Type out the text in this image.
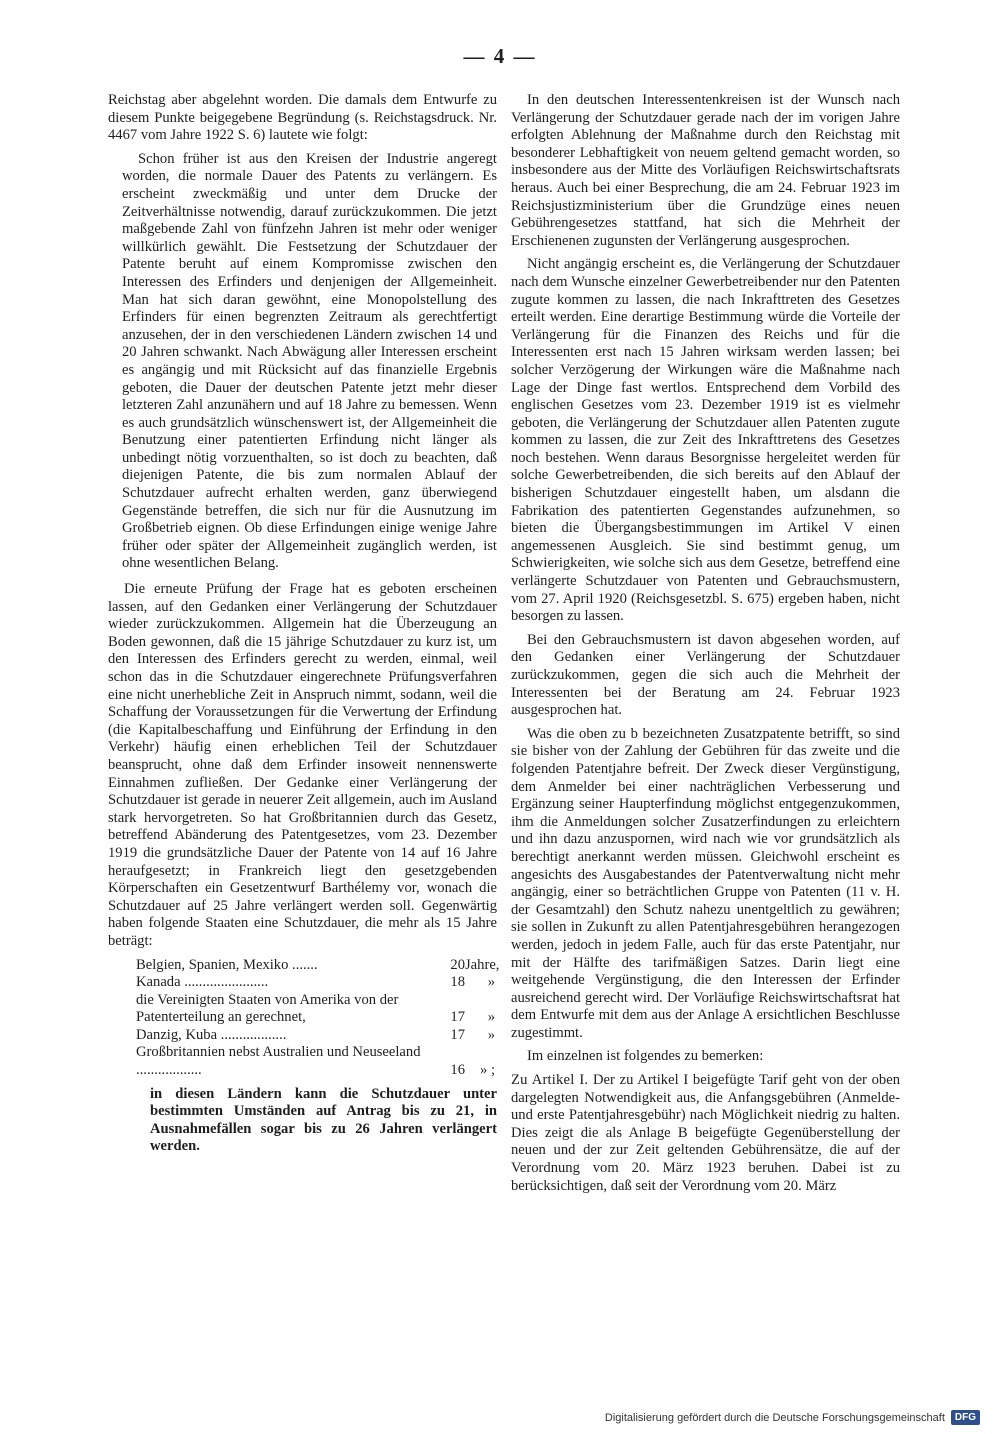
— 4 —

Reichstag aber abgelehnt worden. Die damals dem Entwurfe zu diesem Punkte beigegebene Begründung (s. Reichstagsdruck. Nr. 4467 vom Jahre 1922 S. 6) lautete wie folgt:

Schon früher ist aus den Kreisen der Industrie angeregt worden, die normale Dauer des Patents zu verlängern. Es erscheint zweckmäßig und unter dem Drucke der Zeitverhältnisse notwendig, darauf zurückzukommen. Die jetzt maßgebende Zahl von fünfzehn Jahren ist mehr oder weniger willkürlich gewählt. Die Festsetzung der Schutzdauer der Patente beruht auf einem Kompromisse zwischen den Interessen des Erfinders und denjenigen der Allgemeinheit. Man hat sich daran gewöhnt, eine Monopolstellung des Erfinders für einen begrenzten Zeitraum als gerechtfertigt anzusehen, der in den verschiedenen Ländern zwischen 14 und 20 Jahren schwankt. Nach Abwägung aller Interessen erscheint es angängig und mit Rücksicht auf das finanzielle Ergebnis geboten, die Dauer der deutschen Patente jetzt mehr dieser letzteren Zahl anzunähern und auf 18 Jahre zu bemessen. Wenn es auch grundsätzlich wünschenswert ist, der Allgemeinheit die Benutzung einer patentierten Erfindung nicht länger als unbedingt nötig vorzuenthalten, so ist doch zu beachten, daß diejenigen Patente, die bis zum normalen Ablauf der Schutzdauer aufrecht erhalten werden, ganz überwiegend Gegenstände betreffen, die sich nur für die Ausnutzung im Großbetrieb eignen. Ob diese Erfindungen einige wenige Jahre früher oder später der Allgemeinheit zugänglich werden, ist ohne wesentlichen Belang.

Die erneute Prüfung der Frage hat es geboten erscheinen lassen, auf den Gedanken einer Verlängerung der Schutzdauer wieder zurückzukommen. Allgemein hat die Überzeugung an Boden gewonnen, daß die 15 jährige Schutzdauer zu kurz ist, um den Interessen des Erfinders gerecht zu werden, einmal, weil schon das in die Schutzdauer eingerechnete Prüfungsverfahren eine nicht unerhebliche Zeit in Anspruch nimmt, sodann, weil die Schaffung der Voraussetzungen für die Verwertung der Erfindung (die Kapitalbeschaffung und Einführung der Erfindung in den Verkehr) häufig einen erheblichen Teil der Schutzdauer beansprucht, ohne daß dem Erfinder insoweit nennenswerte Einnahmen zufließen. Der Gedanke einer Verlängerung der Schutzdauer ist gerade in neuerer Zeit allgemein, auch im Ausland stark hervorgetreten. So hat Großbritannien durch das Gesetz, betreffend Abänderung des Patentgesetzes, vom 23. Dezember 1919 die grundsätzliche Dauer der Patente von 14 auf 16 Jahre heraufgesetzt; in Frankreich liegt den gesetzgebenden Körperschaften ein Gesetzentwurf Barthélemy vor, wonach die Schutzdauer auf 25 Jahre verlängert werden soll. Gegenwärtig haben folgende Staaten eine Schutzdauer, die mehr als 15 Jahre beträgt:

Belgien, Spanien, Mexiko .......	20 Jahre,
Kanada .......................	18	»
die Vereinigten Staaten von Amerika von der Patenterteilung an gerechnet,	17	»
Danzig, Kuba ..................	17	»
Großbritannien nebst Australien und Neuseeland ..................	16	» ;

in diesen Ländern kann die Schutzdauer unter bestimmten Umständen auf Antrag bis zu 21, in Ausnahmefällen sogar bis zu 26 Jahren verlängert werden.

In den deutschen Interessentenkreisen ist der Wunsch nach Verlängerung der Schutzdauer gerade nach der im vorigen Jahre erfolgten Ablehnung der Maßnahme durch den Reichstag mit besonderer Lebhaftigkeit von neuem geltend gemacht worden, so insbesondere aus der Mitte des Vorläufigen Reichswirtschaftsrats heraus. Auch bei einer Besprechung, die am 24. Februar 1923 im Reichsjustizministerium über die Grundzüge eines neuen Gebührengesetzes stattfand, hat sich die Mehrheit der Erschienenen zugunsten der Verlängerung ausgesprochen.

Nicht angängig erscheint es, die Verlängerung der Schutzdauer nach dem Wunsche einzelner Gewerbetreibender nur den Patenten zugute kommen zu lassen, die nach Inkrafttreten des Gesetzes erteilt werden. Eine derartige Bestimmung würde die Vorteile der Verlängerung für die Finanzen des Reichs und für die Interessenten erst nach 15 Jahren wirksam werden lassen; bei solcher Verzögerung der Wirkungen wäre die Maßnahme nach Lage der Dinge fast wertlos. Entsprechend dem Vorbild des englischen Gesetzes vom 23. Dezember 1919 ist es vielmehr geboten, die Verlängerung der Schutzdauer allen Patenten zugute kommen zu lassen, die zur Zeit des Inkrafttretens des Gesetzes noch bestehen. Wenn daraus Besorgnisse hergeleitet werden für solche Gewerbetreibenden, die sich bereits auf den Ablauf der bisherigen Schutzdauer eingestellt haben, um alsdann die Fabrikation des patentierten Gegenstandes aufzunehmen, so bieten die Übergangsbestimmungen im Artikel V einen angemessenen Ausgleich. Sie sind bestimmt genug, um Schwierigkeiten, wie solche sich aus dem Gesetze, betreffend eine verlängerte Schutzdauer von Patenten und Gebrauchsmustern, vom 27. April 1920 (Reichsgesetzbl. S. 675) ergeben haben, nicht besorgen zu lassen.

Bei den Gebrauchsmustern ist davon abgesehen worden, auf den Gedanken einer Verlängerung der Schutzdauer zurückzukommen, gegen die sich auch die Mehrheit der Interessenten bei der Beratung am 24. Februar 1923 ausgesprochen hat.

Was die oben zu b bezeichneten Zusatzpatente betrifft, so sind sie bisher von der Zahlung der Gebühren für das zweite und die folgenden Patentjahre befreit. Der Zweck dieser Vergünstigung, dem Anmelder bei einer nachträglichen Verbesserung und Ergänzung seiner Haupterfindung möglichst entgegenzukommen, ihm die Anmeldungen solcher Zusatzerfindungen zu erleichtern und ihn dazu anzuspornen, wird nach wie vor grundsätzlich als berechtigt anerkannt werden müssen. Gleichwohl erscheint es angesichts des Ausgabestandes der Patentverwaltung nicht mehr angängig, einer so beträchtlichen Gruppe von Patenten (11 v. H. der Gesamtzahl) den Schutz nahezu unentgeltlich zu gewähren; sie sollen in Zukunft zu allen Patentjahresgebühren herangezogen werden, jedoch in jedem Falle, auch für das erste Patentjahr, nur mit der Hälfte des tarifmäßigen Satzes. Darin liegt eine weitgehende Vergünstigung, die den Interessen der Erfinder ausreichend gerecht wird. Der Vorläufige Reichswirtschaftsrat hat dem Entwurfe mit dem aus der Anlage A ersichtlichen Beschlusse zugestimmt.

Im einzelnen ist folgendes zu bemerken:

Zu Artikel I. Der zu Artikel I beigefügte Tarif geht von der oben dargelegten Notwendigkeit aus, die Anfangsgebühren (Anmelde- und erste Patentjahresgebühr) nach Möglichkeit niedrig zu halten. Dies zeigt die als Anlage B beigefügte Gegenüberstellung der neuen und der zur Zeit geltenden Gebührensätze, die auf der Verordnung vom 20. März 1923 beruhen. Dabei ist zu berücksichtigen, daß seit der Verordnung vom 20. März

Digitalisierung gefördert durch die Deutsche Forschungsgemeinschaft	DFG
